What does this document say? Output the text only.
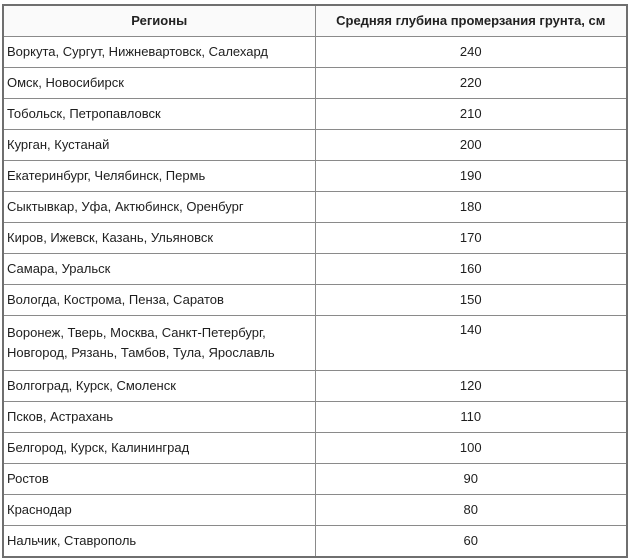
Регионы	Средняя глубина промерзания грунта, см
Воркута, Сургут, Нижневартовск, Салехард	240
Омск, Новосибирск	220
Тобольск, Петропавловск	210
Курган, Кустанай	200
Екатеринбург, Челябинск, Пермь	190
Сыктывкар, Уфа, Актюбинск, Оренбург	180
Киров, Ижевск, Казань, Ульяновск	170
Самара, Уральск	160
Вологда, Кострома, Пенза, Саратов	150
Воронеж, Тверь, Москва, Санкт-Петербург, Новгород, Рязань, Тамбов, Тула, Ярославль	140
Волгоград, Курск, Смоленск	120
Псков, Астрахань	110
Белгород, Курск, Калининград	100
Ростов	90
Краснодар	80
Нальчик, Ставрополь	60
